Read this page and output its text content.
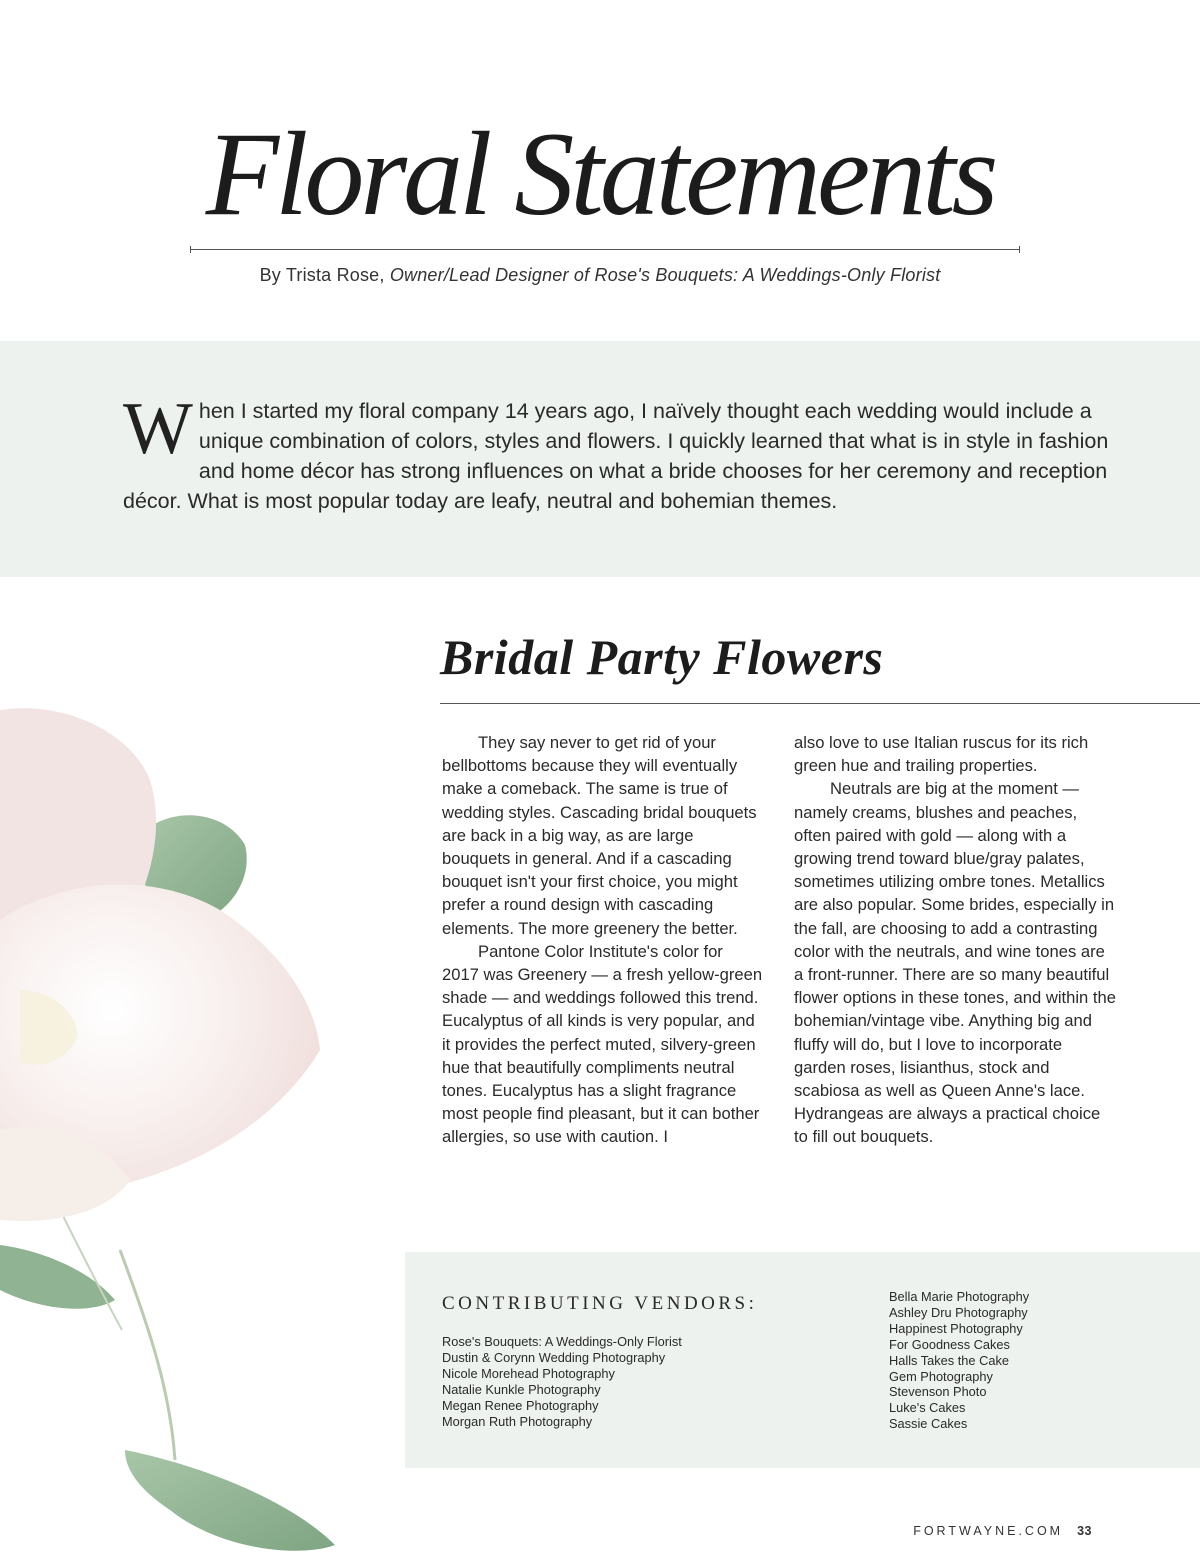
Floral Statements
By Trista Rose, Owner/Lead Designer of Rose's Bouquets: A Weddings-Only Florist

When I started my floral company 14 years ago, I naïvely thought each wedding would include a unique combination of colors, styles and flowers. I quickly learned that what is in style in fashion and home décor has strong influences on what a bride chooses for her ceremony and reception décor. What is most popular today are leafy, neutral and bohemian themes.

Bridal Party Flowers

They say never to get rid of your bellbottoms because they will eventually make a comeback. The same is true of wedding styles. Cascading bridal bouquets are back in a big way, as are large bouquets in general. And if a cascading bouquet isn't your first choice, you might prefer a round design with cascading elements. The more greenery the better.

Pantone Color Institute's color for 2017 was Greenery — a fresh yellow-green shade — and weddings followed this trend. Eucalyptus of all kinds is very popular, and it provides the perfect muted, silvery-green hue that beautifully compliments neutral tones. Eucalyptus has a slight fragrance most people find pleasant, but it can bother allergies, so use with caution. I

also love to use Italian ruscus for its rich green hue and trailing properties.

Neutrals are big at the moment — namely creams, blushes and peaches, often paired with gold — along with a growing trend toward blue/gray palates, sometimes utilizing ombre tones. Metallics are also popular. Some brides, especially in the fall, are choosing to add a contrasting color with the neutrals, and wine tones are a front-runner. There are so many beautiful flower options in these tones, and within the bohemian/vintage vibe. Anything big and fluffy will do, but I love to incorporate garden roses, lisianthus, stock and scabiosa as well as Queen Anne's lace. Hydrangeas are always a practical choice to fill out bouquets.

CONTRIBUTING VENDORS:
Rose's Bouquets: A Weddings-Only Florist
Dustin & Corynn Wedding Photography
Nicole Morehead Photography
Natalie Kunkle Photography
Megan Renee Photography
Morgan Ruth Photography
Bella Marie Photography
Ashley Dru Photography
Happinest Photography
For Goodness Cakes
Halls Takes the Cake
Gem Photography
Stevenson Photo
Luke's Cakes
Sassie Cakes
FORTWAYNE.COM 33
